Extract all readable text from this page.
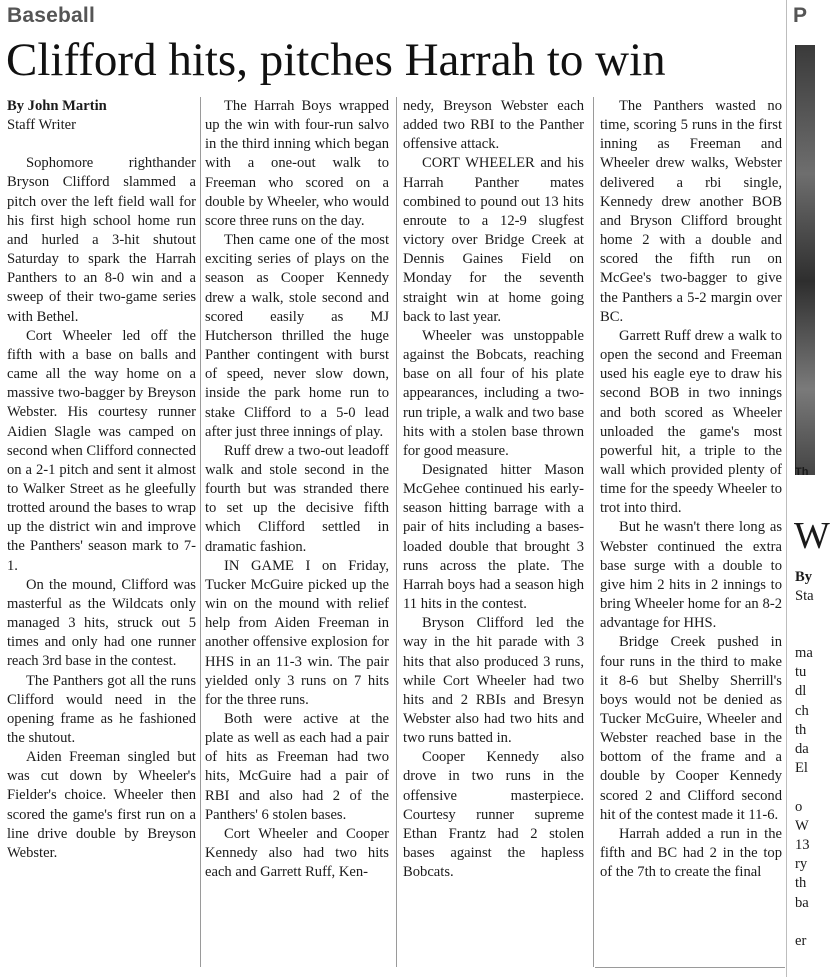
Baseball
Clifford hits, pitches Harrah to win

By John Martin

Staff Writer

Sophomore righthander Bryson Clifford slammed a pitch over the left field wall for his first high school home run and hurled a 3-hit shutout Saturday to spark the Harrah Panthers to an 8-0 win and a sweep of their two-game series with Bethel.

Cort Wheeler led off the fifth with a base on balls and came all the way home on a massive two-bagger by Breyson Webster. His courtesy runner Aidien Slagle was camped on second when Clifford connected on a 2-1 pitch and sent it almost to Walker Street as he gleefully trotted around the bases to wrap up the district win and improve the Panthers' season mark to 7-1.

On the mound, Clifford was masterful as the Wildcats only managed 3 hits, struck out 5 times and only had one runner reach 3rd base in the contest.

The Panthers got all the runs Clifford would need in the opening frame as he fashioned the shutout.

Aiden Freeman singled but was cut down by Wheeler's Fielder's choice. Wheeler then scored the game's first run on a line drive double by Breyson Webster.

The Harrah Boys wrapped up the win with four-run salvo in the third inning which began with a one-out walk to Freeman who scored on a double by Wheeler, who would score three runs on the day.

Then came one of the most exciting series of plays on the season as Cooper Kennedy drew a walk, stole second and scored easily as MJ Hutcherson thrilled the huge Panther contingent with burst of speed, never slow down, inside the park home run to stake Clifford to a 5-0 lead after just three innings of play.

Ruff drew a two-out leadoff walk and stole second in the fourth but was stranded there to set up the decisive fifth which Clifford settled in dramatic fashion.

IN GAME I on Friday, Tucker McGuire picked up the win on the mound with relief help from Aiden Freeman in another offensive explosion for HHS in an 11-3 win. The pair yielded only 3 runs on 7 hits for the three runs.

Both were active at the plate as well as each had a pair of hits as Freeman had two hits, McGuire had a pair of RBI and also had 2 of the Panthers' 6 stolen bases.

Cort Wheeler and Cooper Kennedy also had two hits each and Garrett Ruff, Ken-

nedy, Breyson Webster each added two RBI to the Panther offensive attack.

CORT WHEELER and his Harrah Panther mates combined to pound out 13 hits enroute to a 12-9 slugfest victory over Bridge Creek at Dennis Gaines Field on Monday for the seventh straight win at home going back to last year.

Wheeler was unstoppable against the Bobcats, reaching base on all four of his plate appearances, including a two-run triple, a walk and two base hits with a stolen base thrown for good measure.

Designated hitter Mason McGehee continued his early-season hitting barrage with a pair of hits including a bases-loaded double that brought 3 runs across the plate. The Harrah boys had a season high 11 hits in the contest.

Bryson Clifford led the way in the hit parade with 3 hits that also produced 3 runs, while Cort Wheeler had two hits and 2 RBIs and Bresyn Webster also had two hits and two runs batted in.

Cooper Kennedy also drove in two runs in the offensive masterpiece. Courtesy runner supreme Ethan Frantz had 2 stolen bases against the hapless Bobcats.

The Panthers wasted no time, scoring 5 runs in the first inning as Freeman and Wheeler drew walks, Webster delivered a rbi single, Kennedy drew another BOB and Bryson Clifford brought home 2 with a double and scored the fifth run on McGee's two-bagger to give the Panthers a 5-2 margin over BC.

Garrett Ruff drew a walk to open the second and Freeman used his eagle eye to draw his second BOB in two innings and both scored as Wheeler unloaded the game's most powerful hit, a triple to the wall which provided plenty of time for the speedy Wheeler to trot into third.

But he wasn't there long as Webster continued the extra base surge with a double to give him 2 hits in 2 innings to bring Wheeler home for an 8-2 advantage for HHS.

Bridge Creek pushed in four runs in the third to make it 8-6 but Shelby Sherrill's boys would not be denied as Tucker McGuire, Wheeler and Webster reached base in the bottom of the frame and a double by Cooper Kennedy scored 2 and Clifford second hit of the contest made it 11-6.

Harrah added a run in the fifth and BC had 2 in the top of the 7th to create the final

P
Th
W
By
Sta
ma
tu
dl
ch
th
da
El
o
W
13
ry
th
ba
er
